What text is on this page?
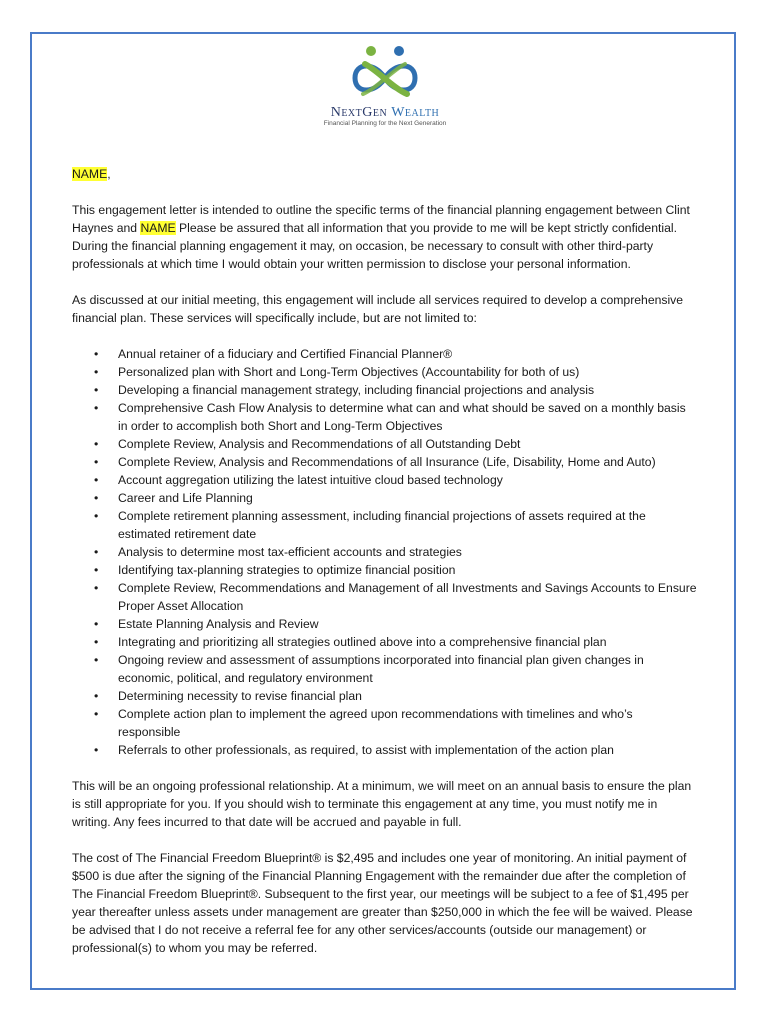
NextGen Wealth
Financial Planning for the Next Generation

NAME,

This engagement letter is intended to outline the specific terms of the financial planning engagement between Clint Haynes and NAME Please be assured that all information that you provide to me will be kept strictly confidential. During the financial planning engagement it may, on occasion, be necessary to consult with other third-party professionals at which time I would obtain your written permission to disclose your personal information.

As discussed at our initial meeting, this engagement will include all services required to develop a comprehensive financial plan. These services will specifically include, but are not limited to:

• Annual retainer of a fiduciary and Certified Financial Planner®
• Personalized plan with Short and Long-Term Objectives (Accountability for both of us)
• Developing a financial management strategy, including financial projections and analysis
• Comprehensive Cash Flow Analysis to determine what can and what should be saved on a monthly basis in order to accomplish both Short and Long-Term Objectives
• Complete Review, Analysis and Recommendations of all Outstanding Debt
• Complete Review, Analysis and Recommendations of all Insurance (Life, Disability, Home and Auto)
• Account aggregation utilizing the latest intuitive cloud based technology
• Career and Life Planning
• Complete retirement planning assessment, including financial projections of assets required at the estimated retirement date
• Analysis to determine most tax-efficient accounts and strategies
• Identifying tax-planning strategies to optimize financial position
• Complete Review, Recommendations and Management of all Investments and Savings Accounts to Ensure Proper Asset Allocation
• Estate Planning Analysis and Review
• Integrating and prioritizing all strategies outlined above into a comprehensive financial plan
• Ongoing review and assessment of assumptions incorporated into financial plan given changes in economic, political, and regulatory environment
• Determining necessity to revise financial plan
• Complete action plan to implement the agreed upon recommendations with timelines and who’s responsible
• Referrals to other professionals, as required, to assist with implementation of the action plan

This will be an ongoing professional relationship. At a minimum, we will meet on an annual basis to ensure the plan is still appropriate for you. If you should wish to terminate this engagement at any time, you must notify me in writing. Any fees incurred to that date will be accrued and payable in full.

The cost of The Financial Freedom Blueprint® is $2,495 and includes one year of monitoring. An initial payment of $500 is due after the signing of the Financial Planning Engagement with the remainder due after the completion of The Financial Freedom Blueprint®. Subsequent to the first year, our meetings will be subject to a fee of $1,495 per year thereafter unless assets under management are greater than $250,000 in which the fee will be waived. Please be advised that I do not receive a referral fee for any other services/accounts (outside our management) or professional(s) to whom you may be referred.
